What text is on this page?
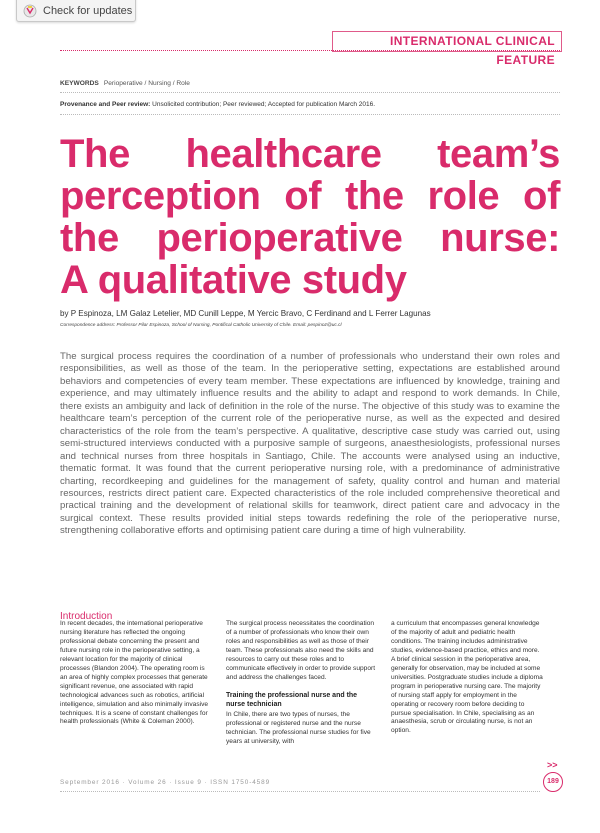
Check for updates
INTERNATIONAL CLINICAL FEATURE
KEYWORDS Perioperative / Nursing / Role
Provenance and Peer review: Unsolicited contribution; Peer reviewed; Accepted for publication March 2016.
The healthcare team’s
perception of the role of
the perioperative nurse:
A qualitative study
by P Espinoza, LM Galaz Letelier, MD Cunill Leppe, M Yercic Bravo, C Ferdinand and L Ferrer Lagunas
Correspondence address: Professor Pilar Espinoza, School of Nursing, Pontifical Catholic University of Chile. Email: pespinoz@uc.cl
The surgical process requires the coordination of a number of professionals who understand their own roles and responsibilities, as well as those of the team. In the perioperative setting, expectations are established around behaviors and competencies of every team member. These expectations are influenced by knowledge, training and experience, and may ultimately influence results and the ability to adapt and respond to work demands. In Chile, there exists an ambiguity and lack of definition in the role of the nurse. The objective of this study was to examine the healthcare team’s perception of the current role of the perioperative nurse, as well as the expected and desired characteristics of the role from the team’s perspective. A qualitative, descriptive case study was carried out, using semi-structured interviews conducted with a purposive sample of surgeons, anaesthesiologists, professional nurses and technical nurses from three hospitals in Santiago, Chile. The accounts were analysed using an inductive, thematic format. It was found that the current perioperative nursing role, with a predominance of administrative charting, recordkeeping and guidelines for the management of safety, quality control and human and material resources, restricts direct patient care. Expected characteristics of the role included comprehensive theoretical and practical training and the development of relational skills for teamwork, direct patient care and advocacy in the surgical context. These results provided initial steps towards redefining the role of the perioperative nurse, strengthening collaborative efforts and optimising patient care during a time of high vulnerability.
Introduction

In recent decades, the international perioperative nursing literature has reflected the ongoing professional debate concerning the present and future nursing role in the perioperative setting, a relevant location for the majority of clinical processes (Blandon 2004). The operating room is an area of highly complex processes that generate significant revenue, one associated with rapid technological advances such as robotics, artificial intelligence, simulation and also minimally invasive techniques. It is a scene of constant challenges for health professionals (White & Coleman 2000).

The surgical process necessitates the coordination of a number of professionals who know their own roles and responsibilities as well as those of their team. These professionals also need the skills and resources to carry out these roles and to communicate effectively in order to provide support and address the challenges faced.

Training the professional nurse and the nurse technician

In Chile, there are two types of nurses, the professional or registered nurse and the nurse technician. The professional nurse studies for five years at university, with

a curriculum that encompasses general knowledge of the majority of adult and pediatric health conditions. The training includes administrative studies, evidence-based practice, ethics and more. A brief clinical session in the perioperative area, generally for observation, may be included at some universities. Postgraduate studies include a diploma program in perioperative nursing care. The majority of nursing staff apply for employment in the operating or recovery room before deciding to pursue specialisation. In Chile, specialising as an anaesthesia, scrub or circulating nurse, is not an option.

>>
September 2016 · Volume 26 · Issue 9 · ISSN 1750-4589	189
